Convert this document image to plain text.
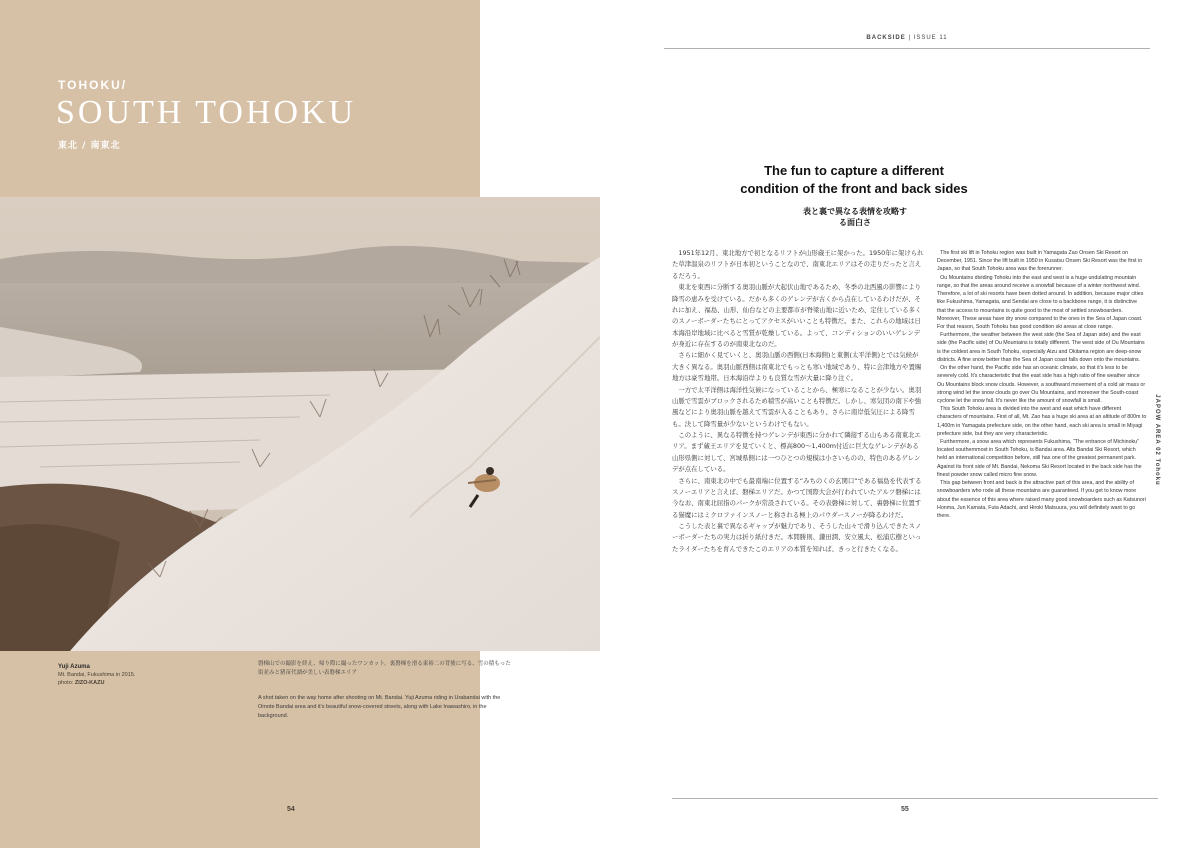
TOHOKU/
SOUTH TOHOKU
東北 / 南東北
Yuji Azuma
Mt. Bandai, Fukushima in 2015.
photo: ZIZO-KAZU
磐梯山での撮影を終え、帰り際に撮ったワンカット。裏磐梯を滑る東裕二の背後に写る、雪の積もった街並みと猪苗代湖が美しい表磐梯エリア
A shot taken on the way home after shooting on Mt. Bandai. Yuji Azuma riding in Urabandai with the Omote Bandai area and it's beautiful snow-covered streets, along with Lake Inawashiro, in the background.
54
BACKSIDE | ISSUE 11
The fun to capture a different condition of the front and back sides
表と裏で異なる表情を攻略する面白さ

1951年12月、東北地方で初となるリフトが山形蔵王に架かった。1950年に架けられた草津温泉のリフトが日本初ということなので、南東北エリアはその走りだったと言えるだろう。

東北を東西に分断する奥羽山脈が大起伏山地であるため、冬季の北西風の影響により降雪の恵みを受けている。だから多くのゲレンデが古くから点在しているわけだが、それに加え、福島、山形、仙台などの主要都市が脊梁山地に近いため、定住している多くのスノーボーダーたちにとってアクセスがいいことも特徴だ。また、これらの地域は日本海沿岸地域に比べると雪質が乾燥している。よって、コンディションのいいゲレンデが身近に存在するのが南東北なのだ。

さらに細かく見ていくと、奥羽山脈の西側(日本海側)と東側(太平洋側)とでは気候が大きく異なる。奥羽山脈西側は南東北でもっとも寒い地域であり、特に会津地方や置賜地方は豪雪地帯。日本海沿岸よりも良質な雪が大量に降り注ぐ。

一方で太平洋側は海洋性気候になっていることから、極寒になることが少ない。奥羽山脈で雪雲がブロックされるため積雪が高いことも特徴だ。しかし、寒気団の南下や強風などにより奥羽山脈を越えて雪雲が入ることもあり、さらに南岸低気圧による降雪も。決して降雪量が少ないというわけでもない。

このように、異なる特徴を持つゲレンデが東西に分かれて隣接する山もある南東北エリア。まず蔵王エリアを見ていくと、標高800〜1,400m付近に巨大なゲレンデがある山形県側に対して、宮城県側には一つひとつの規模は小さいものの、特色のあるゲレンデが点在している。

さらに、南東北の中でも最南端に位置する“みちのくの玄関口”である福島を代表するスノーエリアと言えば、磐梯エリアだ。かつて国際大会が行われていたアルツ磐梯には今なお、南東北屈指のパークが常設されている。その表磐梯に対して、裏磐梯に位置する猫魔にはミクロファインスノーと称される極上のパウダースノーが降るわけだ。

こうした表と裏で異なるギャップが魅力であり、そうした山々で滑り込んできたスノーボーダーたちの実力は折り紙付きだ。本間勝則、鎌田潤、安立風太、松浦広樹といったライダーたちを育んできたこのエリアの本質を知れば、きっと行きたくなる。

The first ski lift in Tohoku region was built in Yamagata Zao Onsen Ski Resort on December, 1951. Since the lift built in 1950 in Kusatsu Onsen Ski Resort was the first in Japan, so that South Tohoku area was the forerunner.

Ou Mountains dividing Tohoku into the east and west is a huge undulating mountain range, so that the areas around receive a snowfall because of a winter northwest wind. Therefore, a lot of ski resorts have been dotted around. In addition, because major cities like Fukushima, Yamagata, and Sendai are close to a backbone range, it is distinctive that the access to mountains is quite good to the most of settled snowboarders. Moreover, These areas have dry snow compared to the ones in the Sea of Japan coast. For that reason, South Tohoku has good condition ski areas at close range.

Furthermore, the weather between the west side (the Sea of Japan side) and the east side (the Pacific side) of Ou Mountains is totally different. The west side of Ou Mountains is the coldest area in South Tohoku, especially Aizu and Okitama region are deep-snow districts. A fine snow better than the Sea of Japan coast falls down onto the mountains.

On the other hand, the Pacific side has an oceanic climate, so that it's less to be severely cold. It's characteristic that the east side has a high ratio of fine weather since Ou Mountains block snow clouds. However, a southward movement of a cold air mass or strong wind let the snow clouds go over Ou Mountains, and moreover the South-coast cyclone let the snow fall. It's never like the amount of snowfall is small.

This South Tohoku area is divided into the west and east which have different characters of mountains. First of all, Mt. Zao has a huge ski area at an altitude of 800m to 1,400m in Yamagata prefecture side, on the other hand, each ski area is small in Miyagi prefecture side, but they are very characteristic.

Furthermore, a snow area which represents Fukushima, “The entrance of Michinoku” located southernmost in South Tohoku, is Bandai area. Alts Bandai Ski Resort, which held an international competition before, still has one of the greatest permanent park. Against its front side of Mt. Bandai, Nekoma Ski Resort located in the back side has the finest powder snow called micro fine snow.

This gap between front and back is the attractive part of this area, and the ability of snowboarders who rode all these mountains are guaranteed. If you get to know more about the essence of this area where raised many good snowboarders such as Katsunori Honma, Jun Kamata, Futa Adachi, and Hiroki Matsuura, you will definitely want to go there.

JAPOW AREA 02 Tohoku
55
